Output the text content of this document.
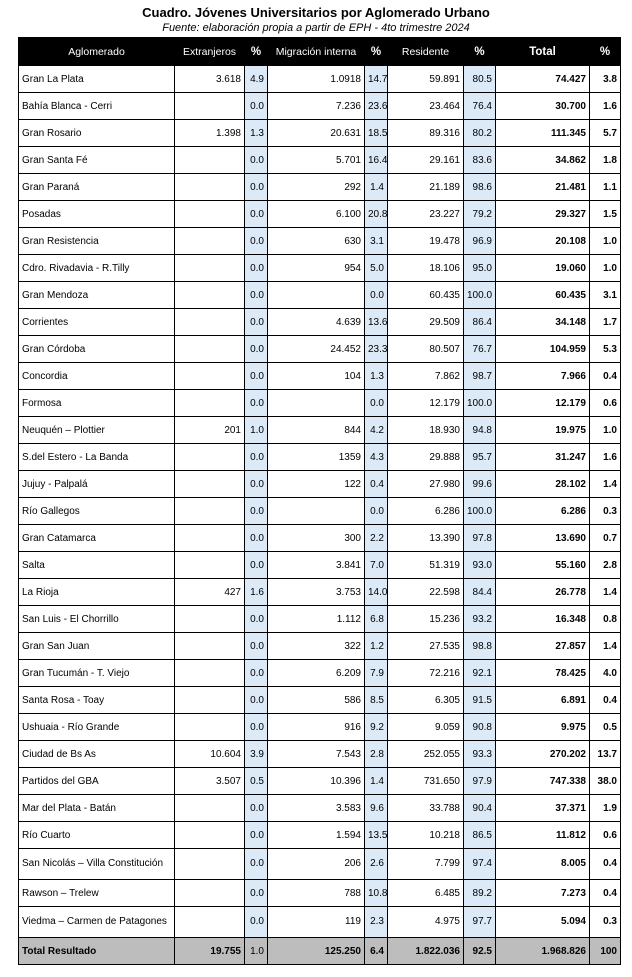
Cuadro. Jóvenes Universitarios por Aglomerado Urbano
Fuente: elaboración propia a partir de EPH - 4to trimestre 2024
Aglomerado	Extranjeros	%	Migración interna	%	Residente	%	Total	%
Gran La Plata	3.618	4.9	1.0918	14.7	59.891	80.5	74.427	3.8
Bahía Blanca - Cerri		0.0	7.236	23.6	23.464	76.4	30.700	1.6
Gran Rosario	1.398	1.3	20.631	18.5	89.316	80.2	111.345	5.7
Gran Santa Fé		0.0	5.701	16.4	29.161	83.6	34.862	1.8
Gran Paraná		0.0	292	1.4	21.189	98.6	21.481	1.1
Posadas		0.0	6.100	20.8	23.227	79.2	29.327	1.5
Gran Resistencia		0.0	630	3.1	19.478	96.9	20.108	1.0
Cdro. Rivadavia - R.Tilly		0.0	954	5.0	18.106	95.0	19.060	1.0
Gran Mendoza		0.0		0.0	60.435	100.0	60.435	3.1
Corrientes		0.0	4.639	13.6	29.509	86.4	34.148	1.7
Gran Córdoba		0.0	24.452	23.3	80.507	76.7	104.959	5.3
Concordia		0.0	104	1.3	7.862	98.7	7.966	0.4
Formosa		0.0		0.0	12.179	100.0	12.179	0.6
Neuquén – Plottier	201	1.0	844	4.2	18.930	94.8	19.975	1.0
S.del Estero - La Banda		0.0	1359	4.3	29.888	95.7	31.247	1.6
Jujuy - Palpalá		0.0	122	0.4	27.980	99.6	28.102	1.4
Río Gallegos		0.0		0.0	6.286	100.0	6.286	0.3
Gran Catamarca		0.0	300	2.2	13.390	97.8	13.690	0.7
Salta		0.0	3.841	7.0	51.319	93.0	55.160	2.8
La Rioja	427	1.6	3.753	14.0	22.598	84.4	26.778	1.4
San Luis - El Chorrillo		0.0	1.112	6.8	15.236	93.2	16.348	0.8
Gran San Juan		0.0	322	1.2	27.535	98.8	27.857	1.4
Gran Tucumán - T. Viejo		0.0	6.209	7.9	72.216	92.1	78.425	4.0
Santa Rosa - Toay		0.0	586	8.5	6.305	91.5	6.891	0.4
Ushuaia - Río Grande		0.0	916	9.2	9.059	90.8	9.975	0.5
Ciudad de Bs As	10.604	3.9	7.543	2.8	252.055	93.3	270.202	13.7
Partidos del GBA	3.507	0.5	10.396	1.4	731.650	97.9	747.338	38.0
Mar del Plata - Batán		0.0	3.583	9.6	33.788	90.4	37.371	1.9
Río Cuarto		0.0	1.594	13.5	10.218	86.5	11.812	0.6
San Nicolás – Villa Constitución		0.0	206	2.6	7.799	97.4	8.005	0.4
Rawson – Trelew		0.0	788	10.8	6.485	89.2	7.273	0.4
Viedma – Carmen de Patagones		0.0	119	2.3	4.975	97.7	5.094	0.3
Total Resultado	19.755	1.0	125.250	6.4	1.822.036	92.5	1.968.826	100
